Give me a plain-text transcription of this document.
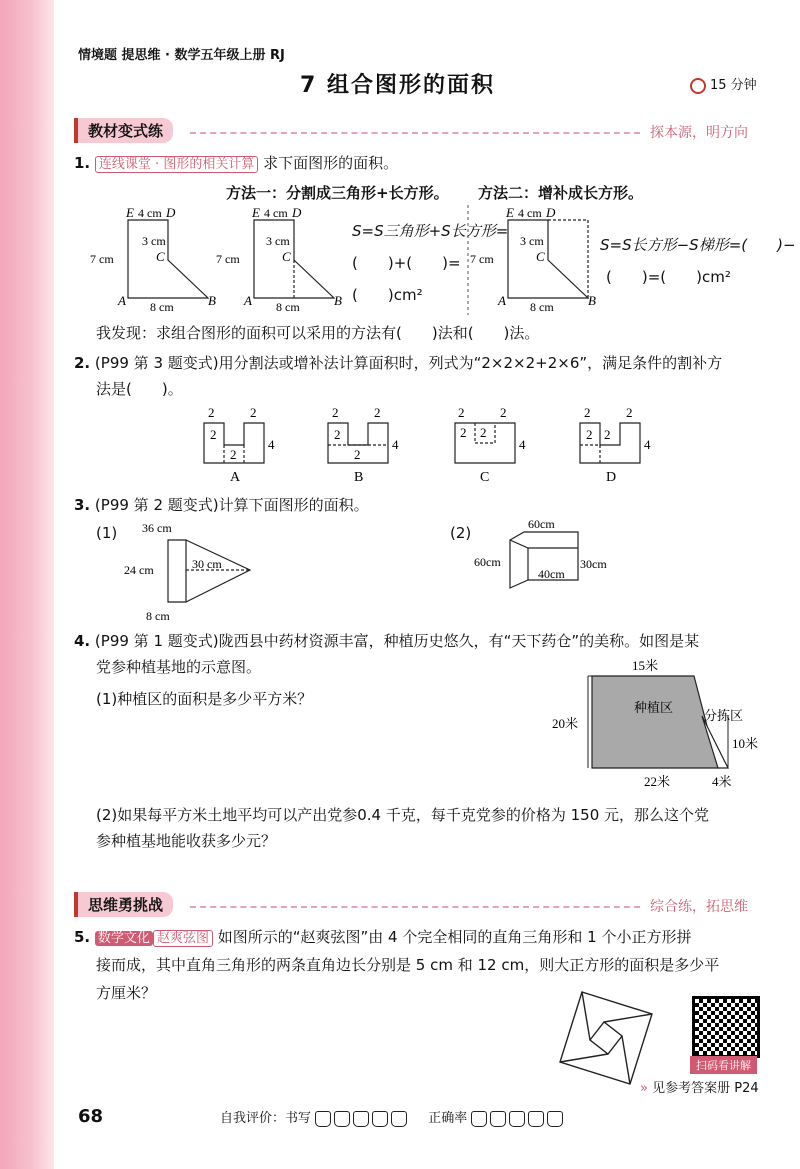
情境题 提思维 · 数学五年级上册 RJ
7 组合图形的面积	15 分钟
教材变式练	探本源，明方向
1. 连线课堂 · 图形的相关计算 求下面图形的面积。
方法一：分割成三角形+长方形。 方法二：增补成长方形。
E 4 cm D
3 cm
C
7 cm
A 8 cm	B
E 4 cm D
3 cm
C
7 cm
A 8 cm	B
E 4 cm D
3 cm
C
7 cm
A 8 cm	B
S=S三角形+S长方形=
(　　)+(　　)=
(　　)cm²
S=S长方形−S梯形=(　　)−
(　　)=(　　)cm²
我发现：求组合图形的面积可以采用的方法有(　　)法和(　　)法。
2. (P99 第 3 题变式)用分割法或增补法计算面积时，列式为“2×2×2+2×6”，满足条件的割补方
法是(　　)。
2	2
2
2
4
2	2
2
2
4
2	2
2 2
4
2	2
2 2
4
A	B	C	D
3. (P99 第 2 题变式)计算下面图形的面积。
(1)	(2)
36 cm
30 cm
24 cm
8 cm
60cm
60cm	30cm
40cm
4. (P99 第 1 题变式)陇西县中药材资源丰富，种植历史悠久，有“天下药仓”的美称。如图是某
党参种植基地的示意图。
(1)种植区的面积是多少平方米？
15米
20米
10米
22米	4米
种植区
分拣区
(2)如果每平方米土地平均可以产出党参0.4 千克，每千克党参的价格为 150 元，那么这个党
参种植基地能收获多少元？
思维勇挑战	综合练，拓思维
5. 数学文化 赵爽弦图 如图所示的“赵爽弦图”由 4 个完全相同的直角三角形和 1 个小正方形拼
接而成，其中直角三角形的两条直角边长分别是 5 cm 和 12 cm，则大正方形的面积是多少平
方厘米？
扫码看讲解
» 见参考答案册 P24
68	自我评价：书写	正确率
